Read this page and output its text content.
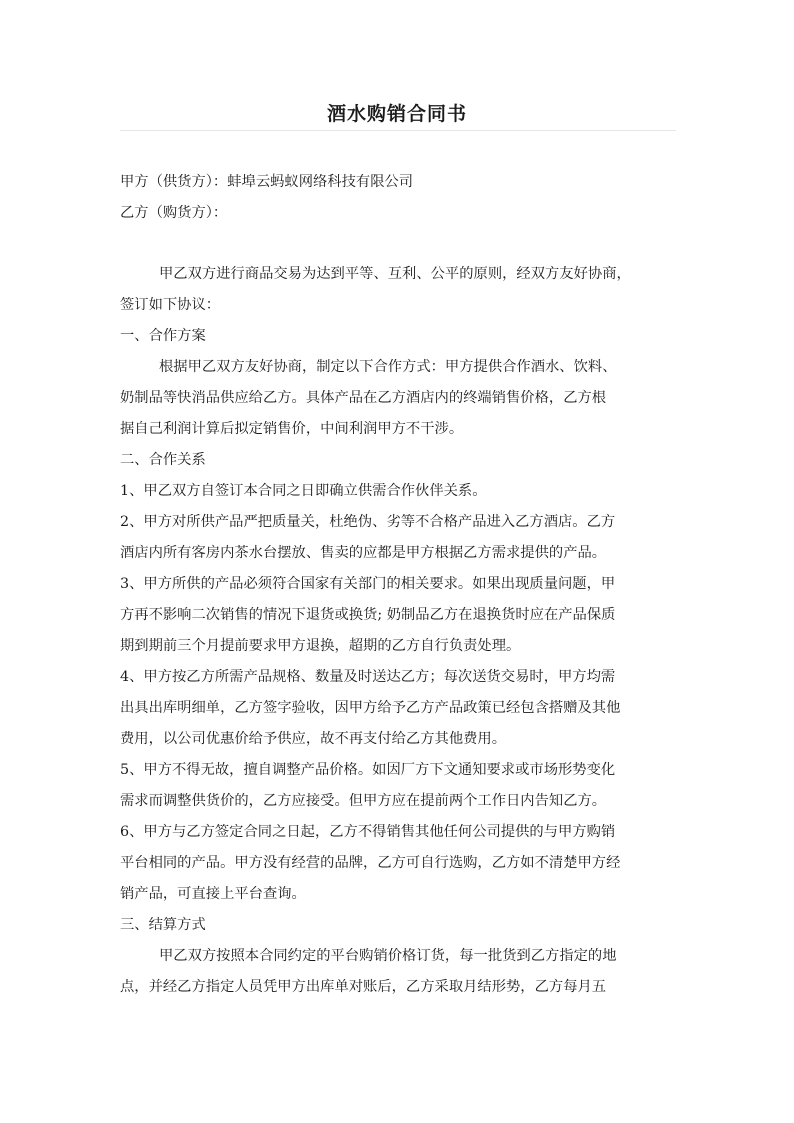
酒水购销合同书
甲方（供货方）：蚌埠云蚂蚁网络科技有限公司
乙方（购货方）：
甲乙双方进行商品交易为达到平等、互利、公平的原则，经双方友好协商，
签订如下协议：
一、合作方案
根据甲乙双方友好协商，制定以下合作方式：甲方提供合作酒水、饮料、
奶制品等快消品供应给乙方。具体产品在乙方酒店内的终端销售价格，乙方根
据自己利润计算后拟定销售价，中间利润甲方不干涉。
二、合作关系
1、甲乙双方自签订本合同之日即确立供需合作伙伴关系。
2、甲方对所供产品严把质量关，杜绝伪、劣等不合格产品进入乙方酒店。乙方
酒店内所有客房内茶水台摆放、售卖的应都是甲方根据乙方需求提供的产品。
3、甲方所供的产品必须符合国家有关部门的相关要求。如果出现质量问题，甲
方再不影响二次销售的情况下退货或换货; 奶制品乙方在退换货时应在产品保质
期到期前三个月提前要求甲方退换，超期的乙方自行负责处理。
4、甲方按乙方所需产品规格、数量及时送达乙方；每次送货交易时，甲方均需
出具出库明细单，乙方签字验收，因甲方给予乙方产品政策已经包含搭赠及其他
费用，以公司优惠价给予供应，故不再支付给乙方其他费用。
5、甲方不得无故，擅自调整产品价格。如因厂方下文通知要求或市场形势变化
需求而调整供货价的，乙方应接受。但甲方应在提前两个工作日内告知乙方。
6、甲方与乙方签定合同之日起，乙方不得销售其他任何公司提供的与甲方购销
平台相同的产品。甲方没有经营的品牌，乙方可自行选购，乙方如不清楚甲方经
销产品，可直接上平台查询。
三、结算方式
甲乙双方按照本合同约定的平台购销价格订货，每一批货到乙方指定的地
点，并经乙方指定人员凭甲方出库单对账后，乙方采取月结形势，乙方每月五
